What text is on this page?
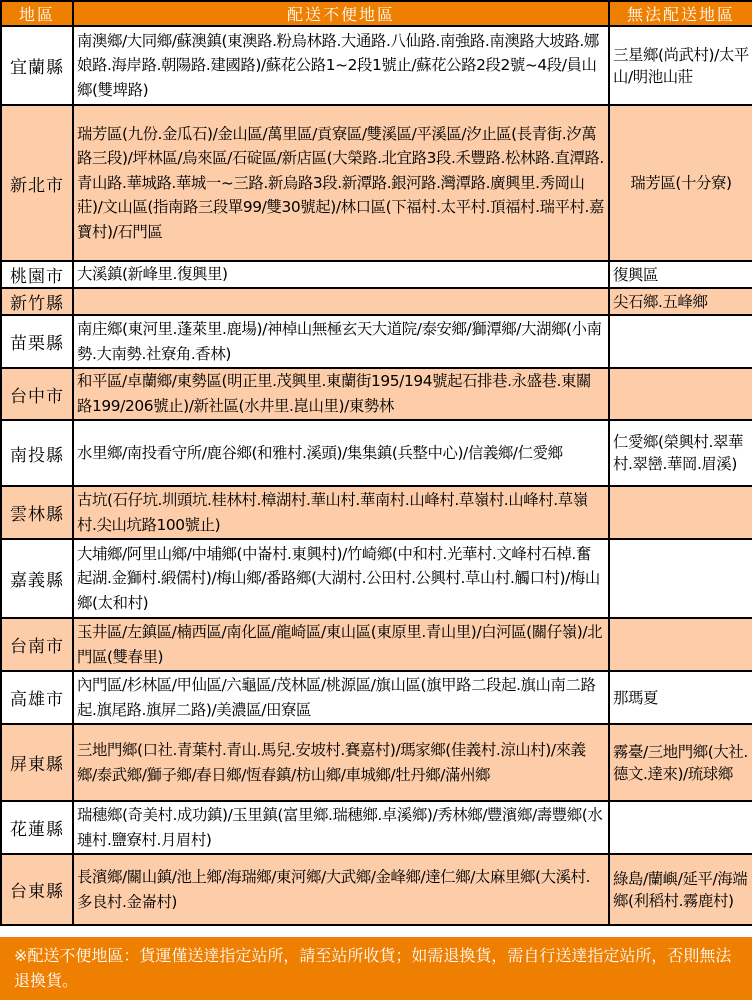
地區	配送不便地區	無法配送地區
宜蘭縣	南澳鄉/大同鄉/蘇澳鎮(東澳路.粉烏林路.大通路.八仙路.南強路.南澳路大坡路.娜娘路.海岸路.朝陽路.建國路)/蘇花公路1~2段1號止/蘇花公路2段2號~4段/員山鄉(雙埤路)	三星鄉(尚武村)/太平山/明池山莊
新北市	瑞芳區(九份.金瓜石)/金山區/萬里區/貢寮區/雙溪區/平溪區/汐止區(長青街.汐萬路三段)/坪林區/烏來區/石碇區/新店區(大榮路.北宜路3段.禾豐路.松林路.直潭路.青山路.華城路.華城一~三路.新烏路3段.新潭路.銀河路.灣潭路.廣興里.秀岡山莊)/文山區(指南路三段單99/雙30號起)/林口區(下福村.太平村.頂福村.瑞平村.嘉寶村)/石門區	瑞芳區(十分寮)
桃園市	大溪鎮(新峰里.復興里)	復興區
新竹縣		尖石鄉.五峰鄉
苗栗縣	南庄鄉(東河里.蓬萊里.鹿場)/神棹山無極玄天大道院/泰安鄉/獅潭鄉/大湖鄉(小南勢.大南勢.社寮角.香林)	
台中市	和平區/卓蘭鄉/東勢區(明正里.茂興里.東蘭街195/194號起石排巷.永盛巷.東關路199/206號止)/新社區(水井里.崑山里)/東勢林	
南投縣	水里鄉/南投看守所/鹿谷鄉(和雅村.溪頭)/集集鎮(兵整中心)/信義鄉/仁愛鄉	仁愛鄉(榮興村.翠華村.翠巒.華岡.眉溪)
雲林縣	古坑(石仔坑.圳頭坑.桂林村.樟湖村.華山村.華南村.山峰村.草嶺村.山峰村.草嶺村.尖山坑路100號止)	
嘉義縣	大埔鄉/阿里山鄉/中埔鄉(中崙村.東興村)/竹崎鄉(中和村.光華村.文峰村石棹.奮起湖.金獅村.緞儒村)/梅山鄉/番路鄉(大湖村.公田村.公興村.草山村.觸口村)/梅山鄉(太和村)	
台南市	玉井區/左鎮區/楠西區/南化區/龍崎區/東山區(東原里.青山里)/白河區(關仔嶺)/北門區(雙春里)	
高雄市	內門區/杉林區/甲仙區/六龜區/茂林區/桃源區/旗山區(旗甲路二段起.旗山南二路起.旗尾路.旗屏二路)/美濃區/田寮區	那瑪夏
屏東縣	三地門鄉(口社.青葉村.青山.馬兒.安坡村.賽嘉村)/瑪家鄉(佳義村.涼山村)/來義鄉/泰武鄉/獅子鄉/春日鄉/恆春鎮/枋山鄉/車城鄉/牡丹鄉/滿州鄉	霧臺/三地門鄉(大社.德文.達來)/琉球鄉
花蓮縣	瑞穗鄉(奇美村.成功鎮)/玉里鎮(富里鄉.瑞穗鄉.卓溪鄉)/秀林鄉/豐濱鄉/壽豐鄉(水璉村.鹽寮村.月眉村)	
台東縣	長濱鄉/關山鎮/池上鄉/海瑞鄉/東河鄉/大武鄉/金峰鄉/達仁鄉/太麻里鄉(大溪村.多良村.金崙村)	綠島/蘭嶼/延平/海端鄉(利稻村.霧鹿村)
※配送不便地區：貨運僅送達指定站所，請至站所收貨；如需退換貨，需自行送達指定站所，否則無法退換貨。
